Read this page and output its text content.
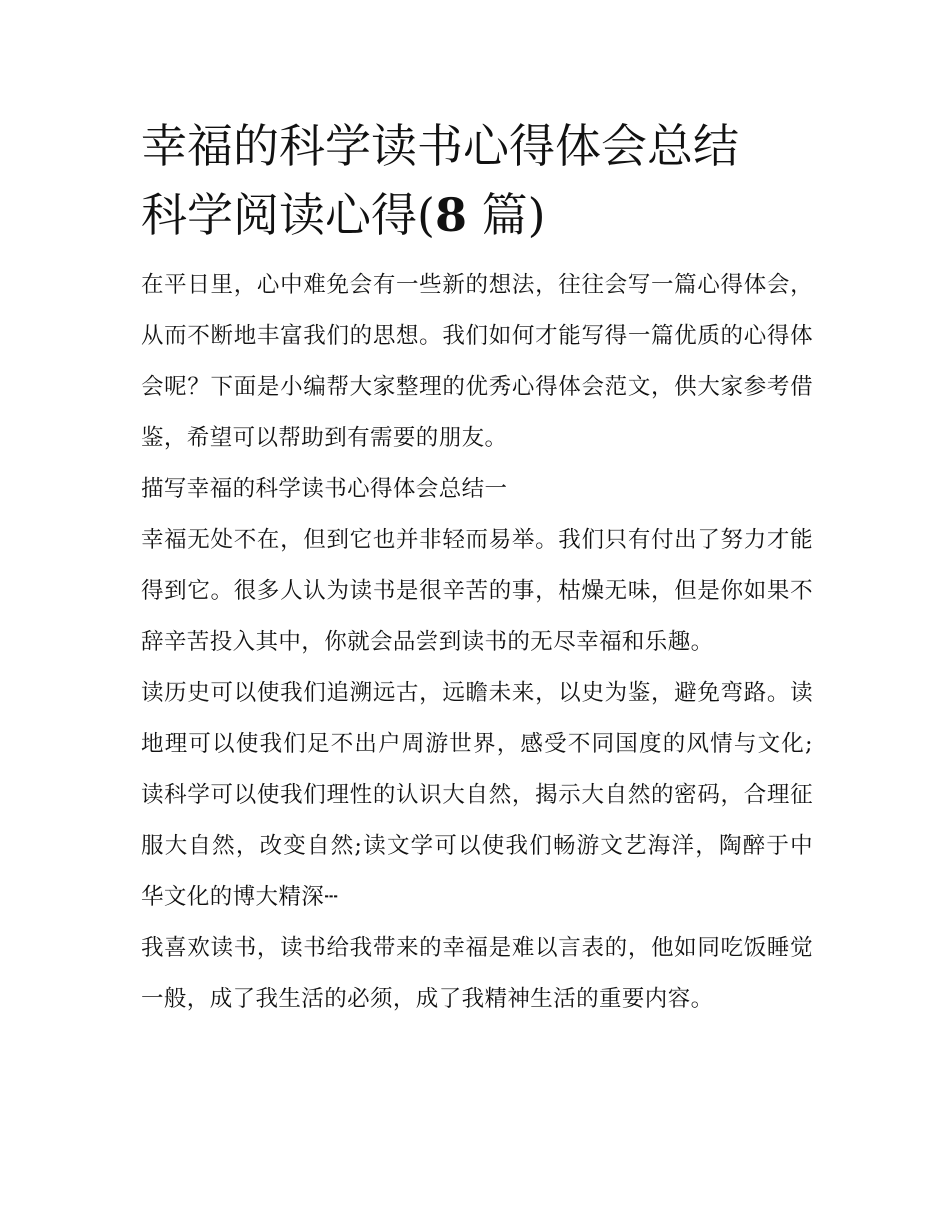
幸福的科学读书心得体会总结
科学阅读心得(8 篇)

在平日里，心中难免会有一些新的想法，往往会写一篇心得体会，从而不断地丰富我们的思想。我们如何才能写得一篇优质的心得体会呢？下面是小编帮大家整理的优秀心得体会范文，供大家参考借鉴，希望可以帮助到有需要的朋友。

描写幸福的科学读书心得体会总结一

幸福无处不在，但到它也并非轻而易举。我们只有付出了努力才能得到它。很多人认为读书是很辛苦的事，枯燥无味，但是你如果不辞辛苦投入其中，你就会品尝到读书的无尽幸福和乐趣。

读历史可以使我们追溯远古，远瞻未来，以史为鉴，避免弯路。读地理可以使我们足不出户周游世界，感受不同国度的风情与文化;读科学可以使我们理性的认识大自然，揭示大自然的密码，合理征服大自然，改变自然;读文学可以使我们畅游文艺海洋，陶醉于中华文化的博大精深┄

我喜欢读书，读书给我带来的幸福是难以言表的，他如同吃饭睡觉一般，成了我生活的必须，成了我精神生活的重要内容。
